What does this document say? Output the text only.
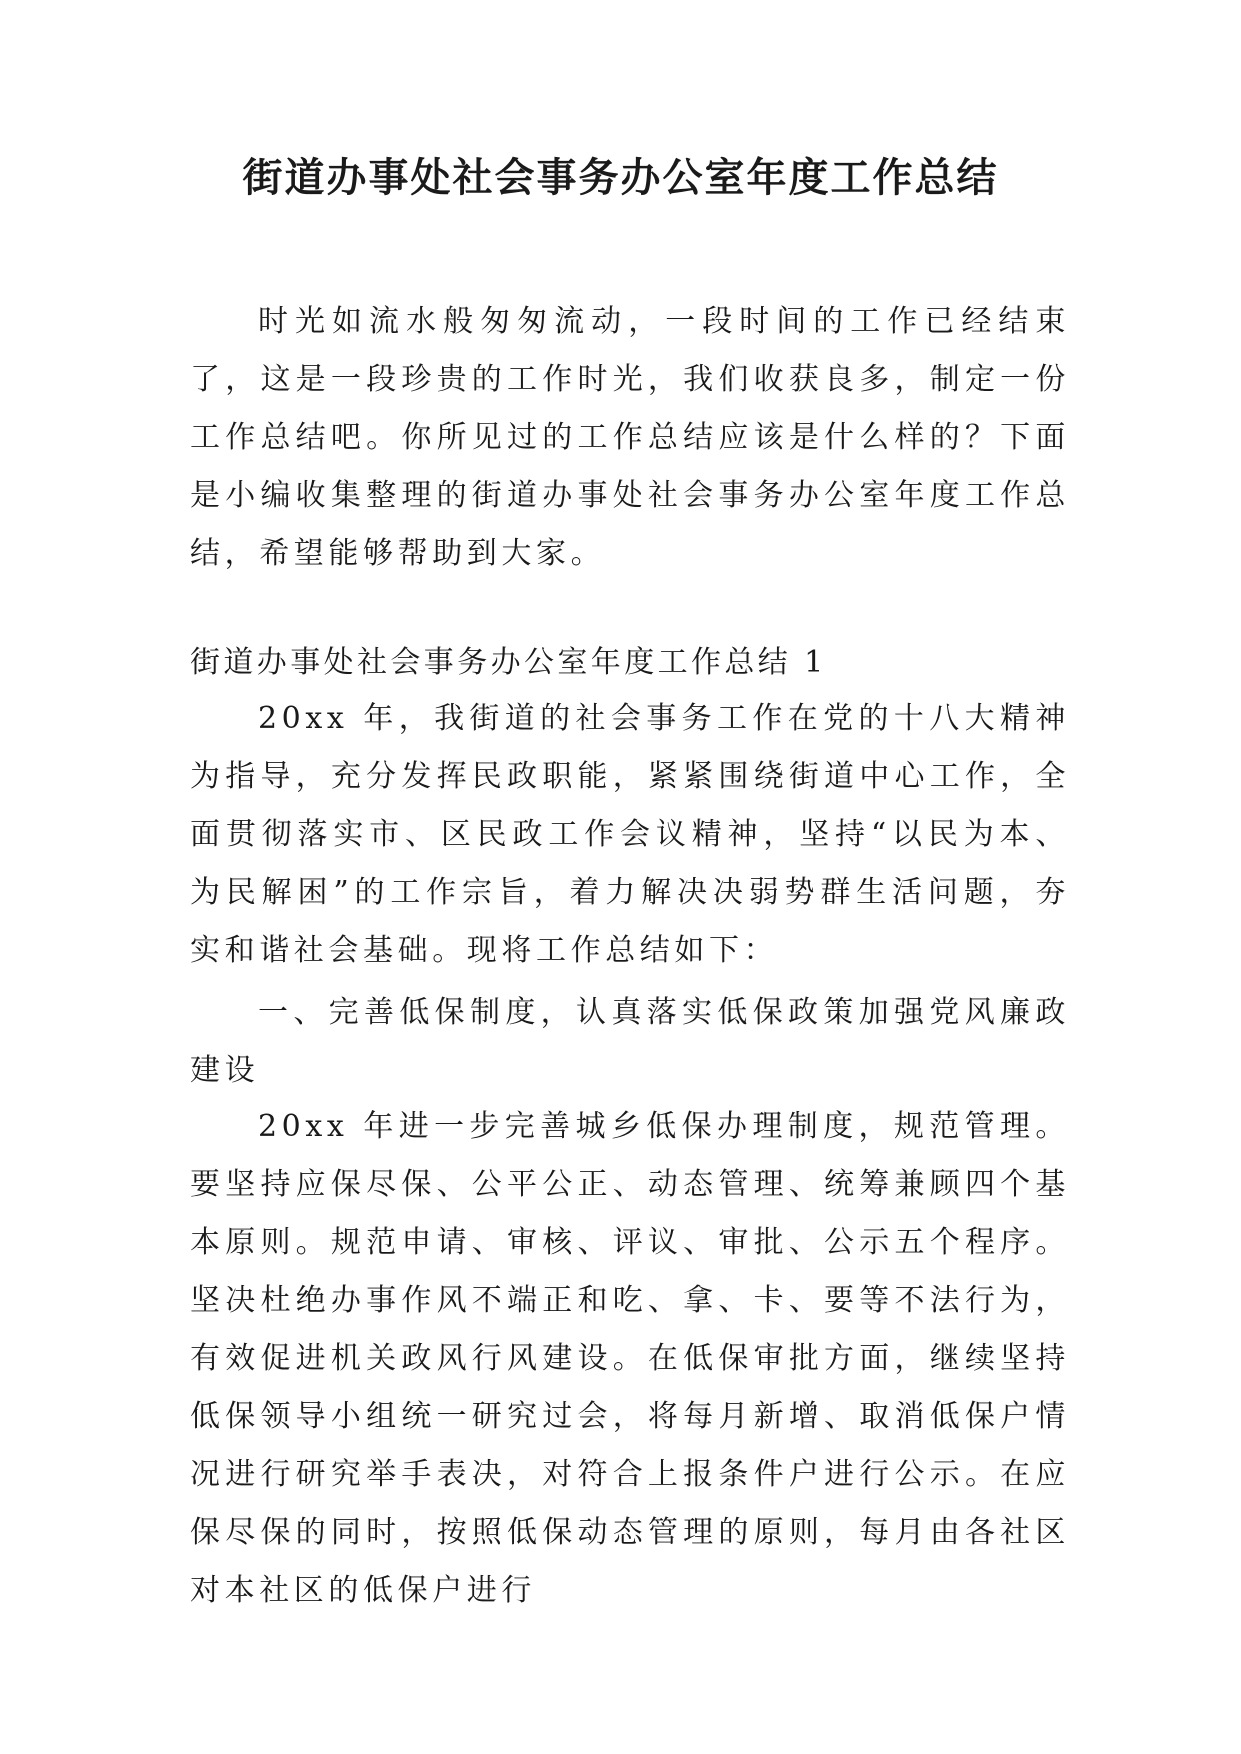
街道办事处社会事务办公室年度工作总结

时光如流水般匆匆流动，一段时间的工作已经结束了，这是一段珍贵的工作时光，我们收获良多，制定一份工作总结吧。你所见过的工作总结应该是什么样的？下面是小编收集整理的街道办事处社会事务办公室年度工作总结，希望能够帮助到大家。

街道办事处社会事务办公室年度工作总结 1

20xx 年，我街道的社会事务工作在党的十八大精神为指导，充分发挥民政职能，紧紧围绕街道中心工作，全面贯彻落实市、区民政工作会议精神，坚持“以民为本、为民解困”的工作宗旨，着力解决决弱势群生活问题，夯实和谐社会基础。现将工作总结如下：

一、完善低保制度，认真落实低保政策加强党风廉政建设

20xx 年进一步完善城乡低保办理制度，规范管理。要坚持应保尽保、公平公正、动态管理、统筹兼顾四个基本原则。规范申请、审核、评议、审批、公示五个程序。坚决杜绝办事作风不端正和吃、拿、卡、要等不法行为，有效促进机关政风行风建设。在低保审批方面，继续坚持低保领导小组统一研究过会，将每月新增、取消低保户情况进行研究举手表决，对符合上报条件户进行公示。在应保尽保的同时，按照低保动态管理的原则，每月由各社区对本社区的低保户进行
